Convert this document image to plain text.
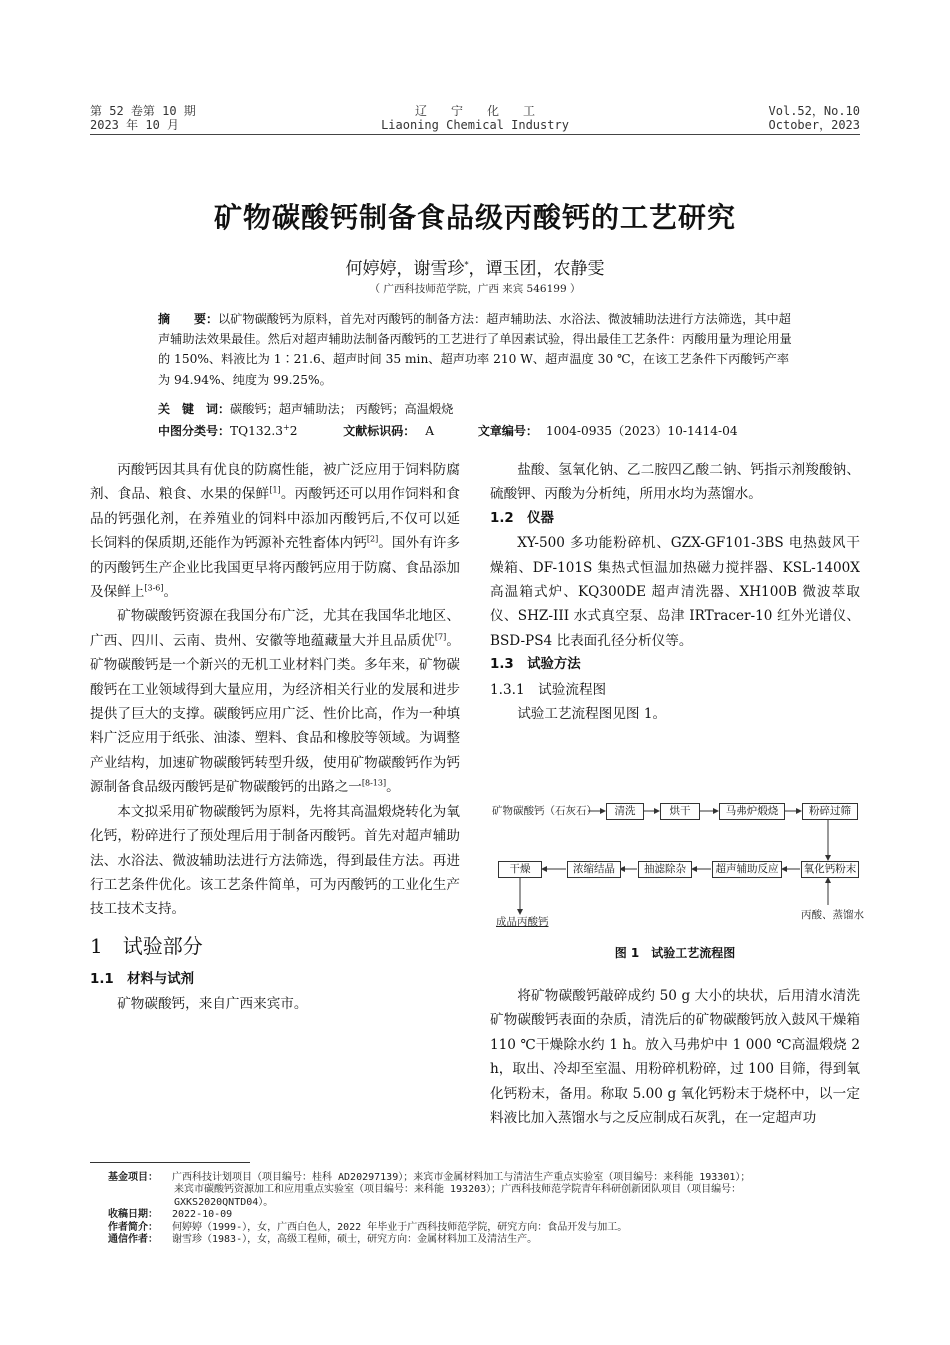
第 52 卷第 10 期
2023 年 10 月
辽　　宁　　化　　工
Liaoning Chemical Industry
Vol.52，No.10
October，2023
矿物碳酸钙制备食品级丙酸钙的工艺研究
何婷婷，谢雪珍*，谭玉团，农静雯
（ 广西科技师范学院，广西 来宾 546199 ）
摘　　要：以矿物碳酸钙为原料，首先对丙酸钙的制备方法：超声辅助法、水浴法、微波辅助法进行方法筛选，其中超声辅助法效果最佳。然后对超声辅助法制备丙酸钙的工艺进行了单因素试验，得出最佳工艺条件：丙酸用量为理论用量的 150%、料液比为 1∶21.6、超声时间 35 min、超声功率 210 W、超声温度 30 ℃，在该工艺条件下丙酸钙产率为 94.94%、纯度为 99.25%。
关　键　词：碳酸钙；超声辅助法； 丙酸钙；高温煅烧
中图分类号：TQ132.3+2	文献标识码： A	文章编号： 1004-0935（2023）10-1414-04

丙酸钙因其具有优良的防腐性能，被广泛应用于饲料防腐剂、食品、粮食、水果的保鲜[1]。丙酸钙还可以用作饲料和食品的钙强化剂，在养殖业的饲料中添加丙酸钙后,不仅可以延长饲料的保质期,还能作为钙源补充牲畜体内钙[2]。国外有许多的丙酸钙生产企业比我国更早将丙酸钙应用于防腐、食品添加及保鲜上[3-6]。

矿物碳酸钙资源在我国分布广泛，尤其在我国华北地区、广西、四川、云南、贵州、安徽等地蕴藏量大并且品质优[7]。矿物碳酸钙是一个新兴的无机工业材料门类。多年来，矿物碳酸钙在工业领域得到大量应用，为经济相关行业的发展和进步提供了巨大的支撑。碳酸钙应用广泛、性价比高，作为一种填料广泛应用于纸张、油漆、塑料、食品和橡胶等领域。为调整产业结构，加速矿物碳酸钙转型升级，使用矿物碳酸钙作为钙源制备食品级丙酸钙是矿物碳酸钙的出路之一[8-13]。

本文拟采用矿物碳酸钙为原料，先将其高温煅烧转化为氧化钙，粉碎进行了预处理后用于制备丙酸钙。首先对超声辅助法、水浴法、微波辅助法进行方法筛选，得到最佳方法。再进行工艺条件优化。该工艺条件简单，可为丙酸钙的工业化生产技工技术支持。

1　试验部分
1.1　材料与试剂

矿物碳酸钙，来自广西来宾市。

盐酸、氢氧化钠、乙二胺四乙酸二钠、钙指示剂羧酸钠、硫酸钾、丙酸为分析纯，所用水均为蒸馏水。

1.2　仪器

XY-500 多功能粉碎机、GZX-GF101-3BS 电热鼓风干燥箱、DF-101S 集热式恒温加热磁力搅拌器、KSL-1400X 高温箱式炉、KQ300DE 超声清洗器、XH100B 微波萃取仪、SHZ-III 水式真空泵、岛津 IRTracer-10 红外光谱仪、BSD-PS4 比表面孔径分析仪等。

1.3　试验方法
1.3.1　试验流程图

试验工艺流程图见图 1。

矿物碳酸钙（石灰石）	清洗	烘干	马弗炉煅烧	粉碎过筛
氧化钙粉末
超声辅助反应
抽滤除杂
浓缩结晶
干燥
丙酸、蒸馏水
成品丙酸钙
图 1　试验工艺流程图

将矿物碳酸钙敲碎成约 50 g 大小的块状，后用清水清洗矿物碳酸钙表面的杂质，清洗后的矿物碳酸钙放入鼓风干燥箱 110 ℃干燥除水约 1 h。放入马弗炉中 1 000 ℃高温煅烧 2 h，取出、冷却至室温、用粉碎机粉碎，过 100 目筛，得到氧化钙粉末，备用。称取 5.00 g 氧化钙粉末于烧杯中，以一定料液比加入蒸馏水与之反应制成石灰乳，在一定超声功

基金项目： 广西科技计划项目（项目编号：桂科 AD20297139）；来宾市金属材料加工与清洁生产重点实验室（项目编号：来科能 193301）；
来宾市碳酸钙资源加工和应用重点实验室（项目编号：来科能 193203）；广西科技师范学院青年科研创新团队项目（项目编号：
GXKS2020QNTD04）。
收稿日期： 2022-10-09
作者简介： 何婷婷（1999-），女，广西白色人，2022 年毕业于广西科技师范学院，研究方向：食品开发与加工。
通信作者： 谢雪珍（1983-），女，高级工程师，硕士，研究方向：金属材料加工及清洁生产。
